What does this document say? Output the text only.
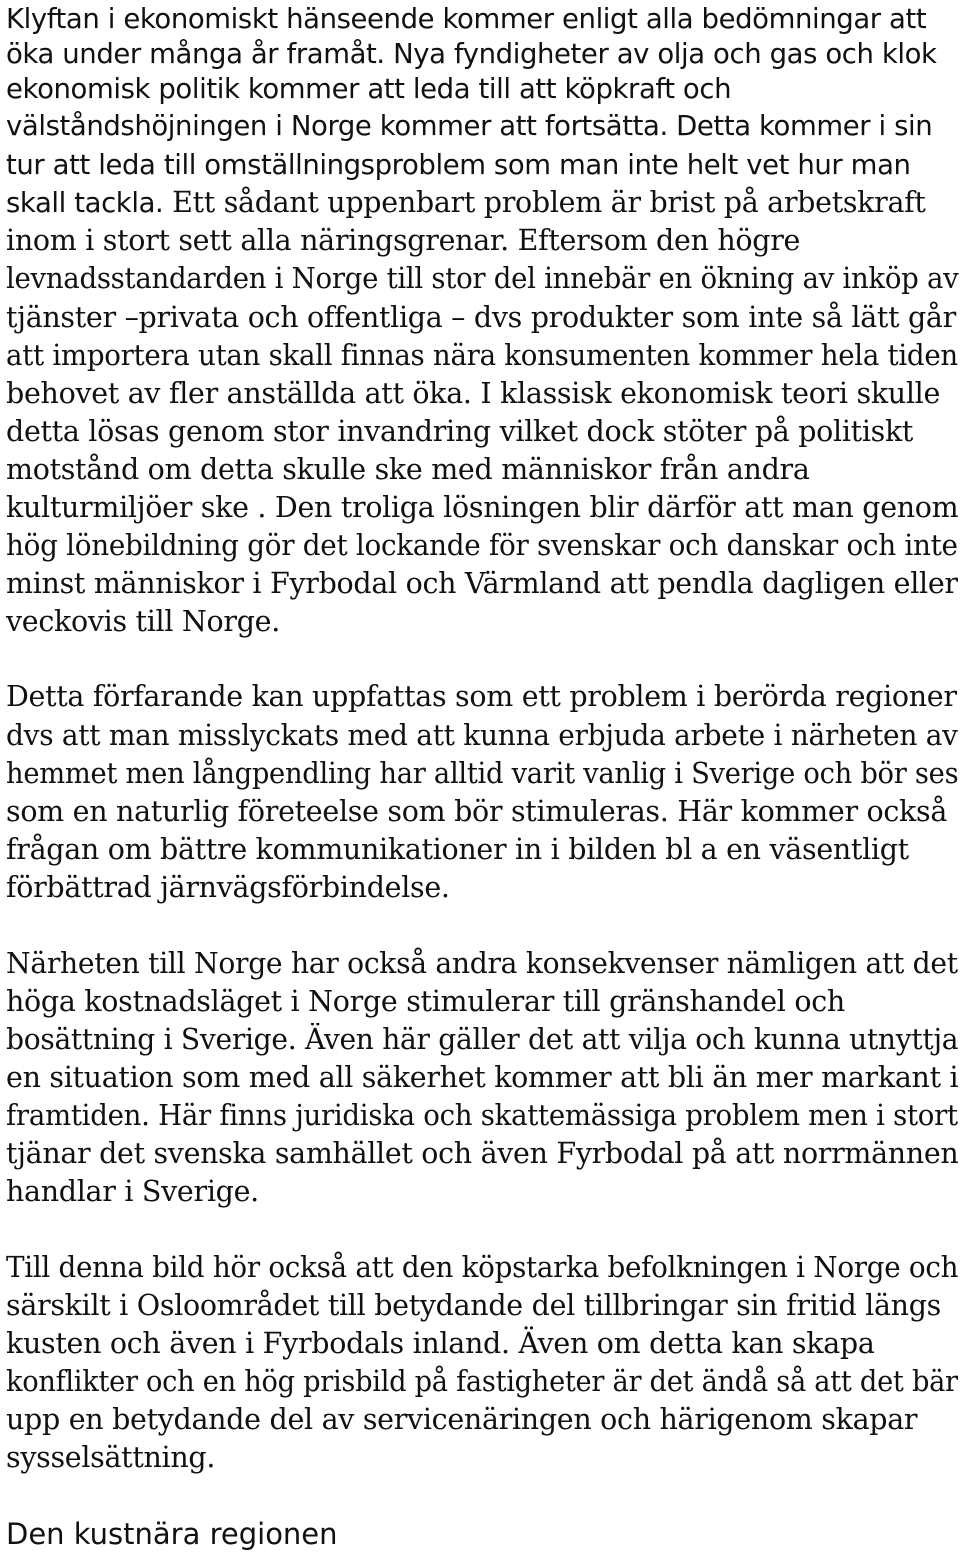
Klyftan i ekonomiskt hänseende kommer enligt alla bedömningar att
öka under många år framåt. Nya fyndigheter av olja och gas och klok
ekonomisk politik kommer att leda till att köpkraft och
välståndshöjningen i Norge kommer att fortsätta. Detta kommer i sin
tur att leda till omställningsproblem som man inte helt vet hur man
skall tackla. Ett sådant uppenbart problem är brist på arbetskraft
inom i stort sett alla näringsgrenar. Eftersom den högre
levnadsstandarden i Norge till stor del innebär en ökning av inköp av
tjänster –privata och offentliga – dvs produkter som inte så lätt går
att importera utan skall finnas nära konsumenten kommer hela tiden
behovet av fler anställda att öka. I klassisk ekonomisk teori skulle
detta lösas genom stor invandring vilket dock stöter på politiskt
motstånd om detta skulle ske med människor från andra
kulturmiljöer ske . Den troliga lösningen blir därför att man genom
hög lönebildning gör det lockande för svenskar och danskar och inte
minst människor i Fyrbodal och Värmland att pendla dagligen eller
veckovis till Norge.
Detta förfarande kan uppfattas som ett problem i berörda regioner
dvs att man misslyckats med att kunna erbjuda arbete i närheten av
hemmet men långpendling har alltid varit vanlig i Sverige och bör ses
som en naturlig företeelse som bör stimuleras. Här kommer också
frågan om bättre kommunikationer in i bilden bl a en väsentligt
förbättrad järnvägsförbindelse.
Närheten till Norge har också andra konsekvenser nämligen att det
höga kostnadsläget i Norge stimulerar till gränshandel och
bosättning i Sverige. Även här gäller det att vilja och kunna utnyttja
en situation som med all säkerhet kommer att bli än mer markant i
framtiden. Här finns juridiska och skattemässiga problem men i stort
tjänar det svenska samhället och även Fyrbodal på att norrmännen
handlar i Sverige.
Till denna bild hör också att den köpstarka befolkningen i Norge och
särskilt i Osloområdet till betydande del tillbringar sin fritid längs
kusten och även i Fyrbodals inland. Även om detta kan skapa
konflikter och en hög prisbild på fastigheter är det ändå så att det bär
upp en betydande del av servicenäringen och härigenom skapar
sysselsättning.
Den kustnära regionen
